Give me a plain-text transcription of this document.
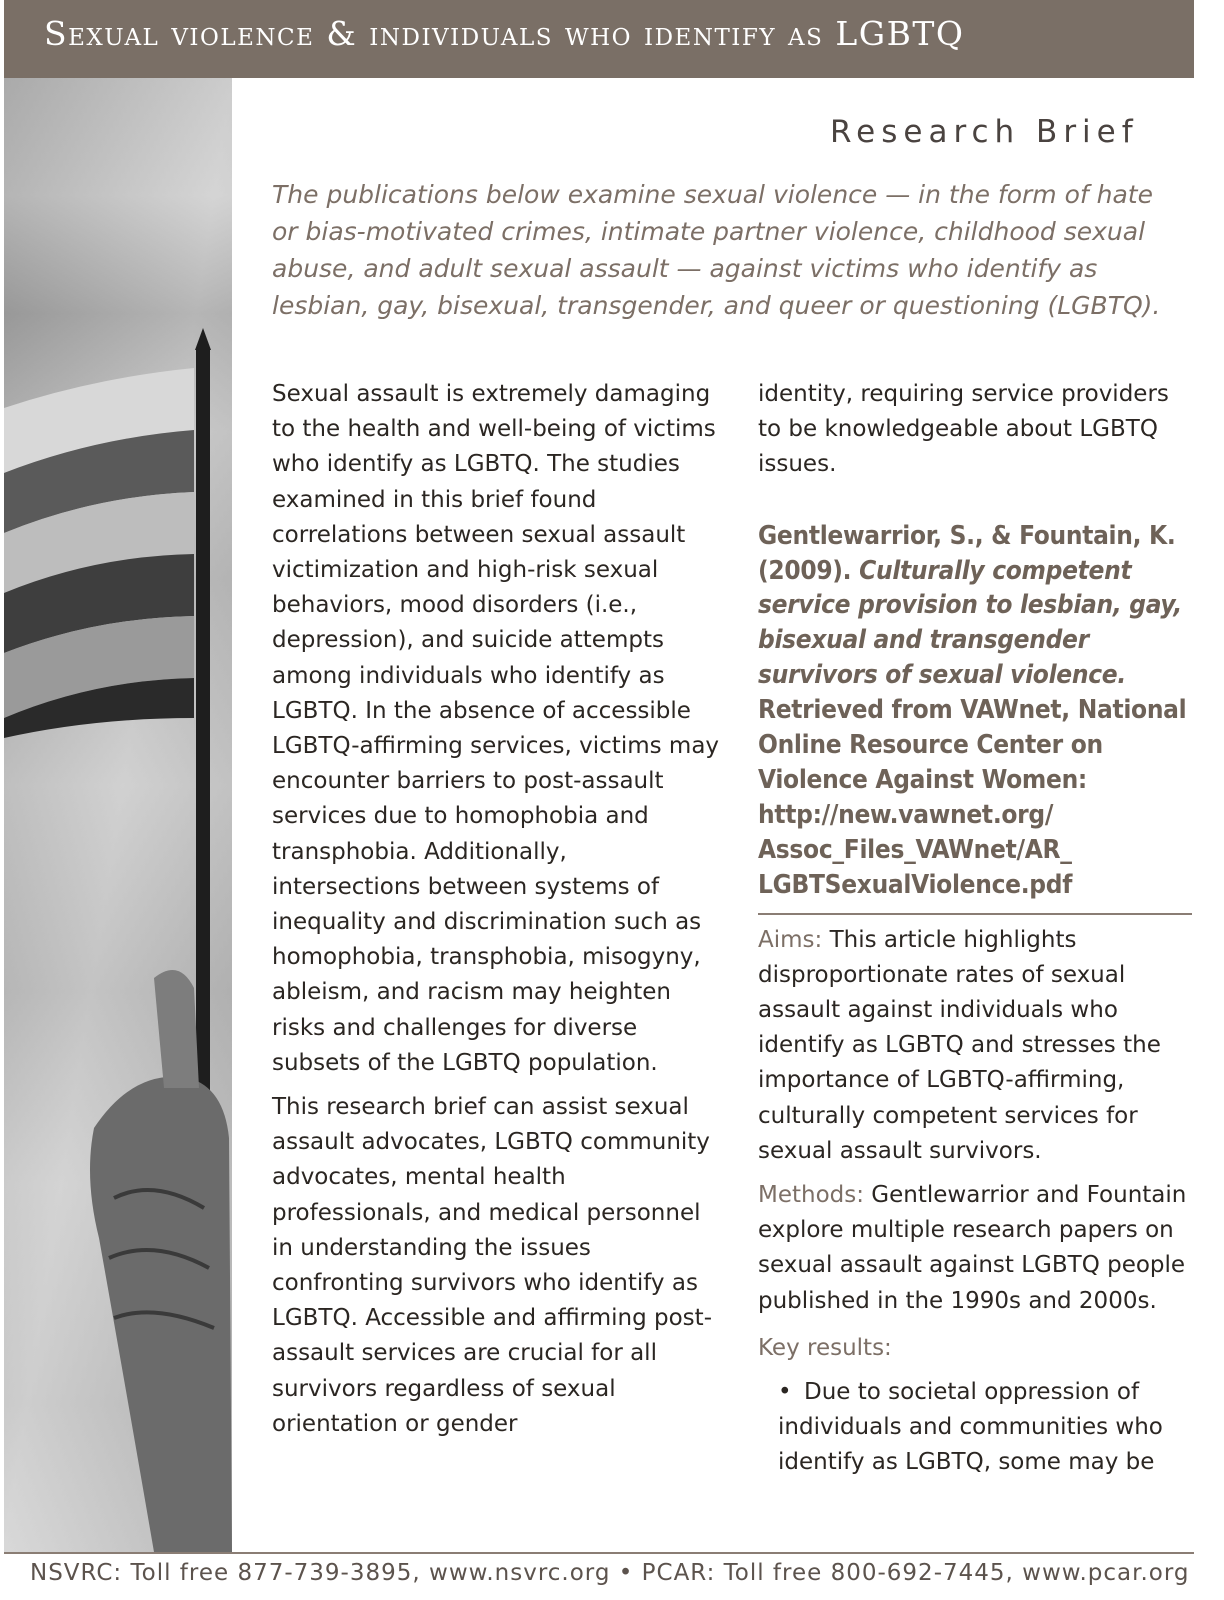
Sexual violence & individuals who identify as LGBTQ
Research Brief
The publications below examine sexual violence — in the form of hate or bias-motivated crimes, intimate partner violence, childhood sexual abuse, and adult sexual assault — against victims who identify as lesbian, gay, bisexual, transgender, and queer or questioning (LGBTQ).

Sexual assault is extremely damaging to the health and well-being of victims who identify as LGBTQ. The studies examined in this brief found correlations between sexual assault victimization and high-risk sexual behaviors, mood disorders (i.e., depression), and suicide attempts among individuals who identify as LGBTQ. In the absence of accessible LGBTQ-affirming services, victims may encounter barriers to post-assault services due to homophobia and transphobia. Additionally, intersections between systems of inequality and discrimination such as homophobia, transphobia, misogyny, ableism, and racism may heighten risks and challenges for diverse subsets of the LGBTQ population.

This research brief can assist sexual assault advocates, LGBTQ community advocates, mental health professionals, and medical personnel in understanding the issues confronting survivors who identify as LGBTQ. Accessible and affirming post-assault services are crucial for all survivors regardless of sexual orientation or gender

identity, requiring service providers to be knowledgeable about LGBTQ issues.

Gentlewarrior, S., & Fountain, K. (2009). Culturally competent service provision to lesbian, gay, bisexual and transgender survivors of sexual violence. Retrieved from VAWnet, National Online Resource Center on Violence Against Women: http://new.vawnet.org/ Assoc_Files_VAWnet/AR_ LGBTSexualViolence.pdf

Aims: This article highlights disproportionate rates of sexual assault against individuals who identify as LGBTQ and stresses the importance of LGBTQ-affirming, culturally competent services for sexual assault survivors.

Methods: Gentlewarrior and Fountain explore multiple research papers on sexual assault against LGBTQ people published in the 1990s and 2000s.

Key results:

• Due to societal oppression of individuals and communities who identify as LGBTQ, some may be

NSVRC: Toll free 877-739-3895, www.nsvrc.org • PCAR: Toll free 800-692-7445, www.pcar.org
